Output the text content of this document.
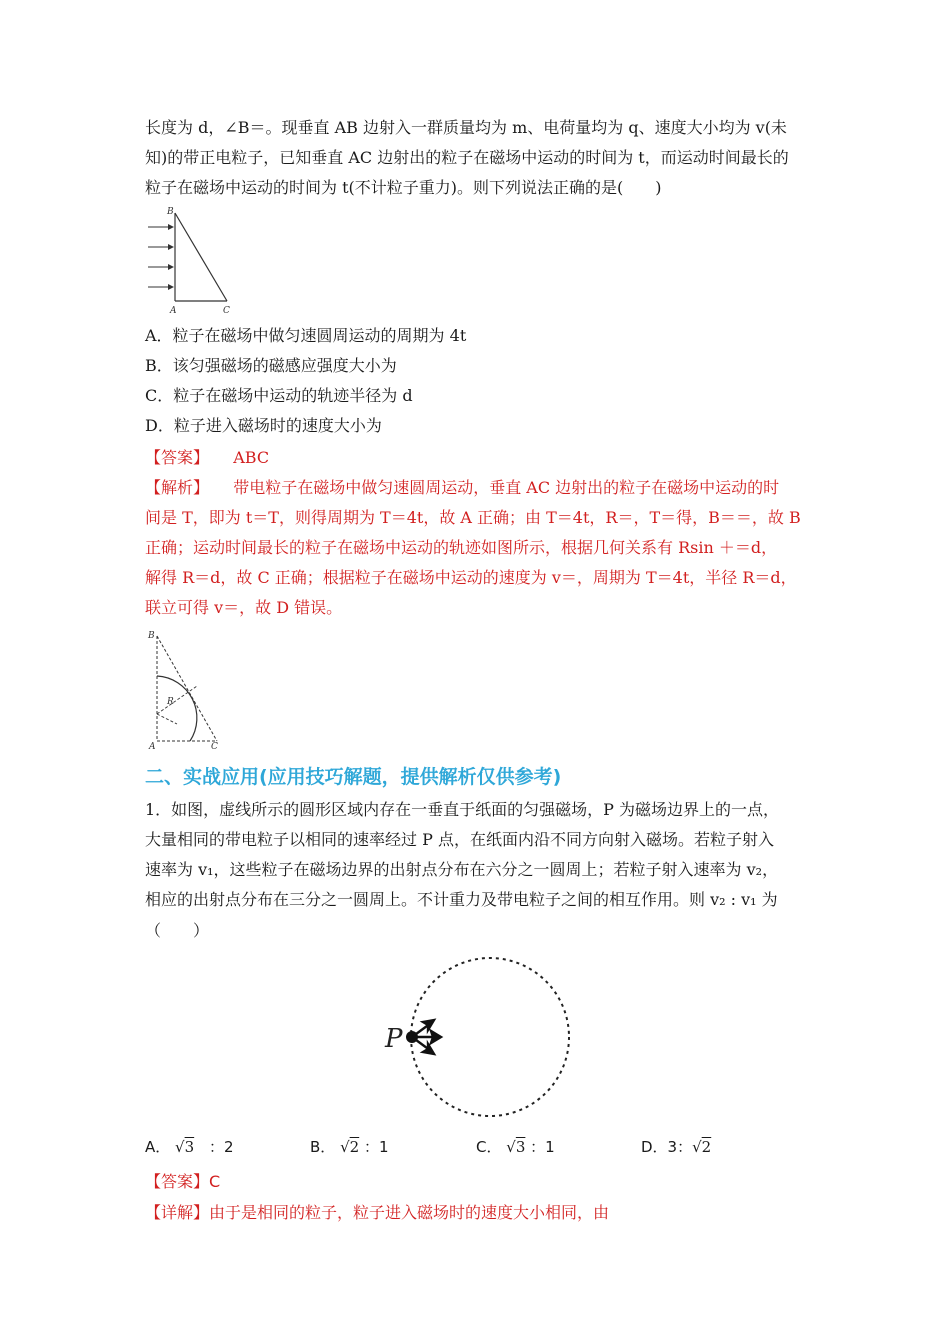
长度为 d，∠B＝。现垂直 AB 边射入一群质量均为 m、电荷量均为 q、速度大小均为 v(未
知)的带正电粒子，已知垂直 AC 边射出的粒子在磁场中运动的时间为 t，而运动时间最长的
粒子在磁场中运动的时间为 t(不计粒子重力)。则下列说法正确的是(　　)
B
A	C
A．粒子在磁场中做匀速圆周运动的周期为 4t
B．该匀强磁场的磁感应强度大小为
C．粒子在磁场中运动的轨迹半径为 d
D．粒子进入磁场时的速度大小为
【答案】 ABC
【解析】 带电粒子在磁场中做匀速圆周运动，垂直 AC 边射出的粒子在磁场中运动的时
间是 T，即为 t＝T，则得周期为 T＝4t，故 A 正确；由 T＝4t，R＝，T＝得，B＝＝，故 B
正确；运动时间最长的粒子在磁场中运动的轨迹如图所示，根据几何关系有 Rsin ＋＝d，
解得 R＝d，故 C 正确；根据粒子在磁场中运动的速度为 v＝，周期为 T＝4t，半径 R＝d，
联立可得 v＝，故 D 错误。
B
R
A	C
二、实战应用(应用技巧解题，提供解析仅供参考)
1．如图，虚线所示的圆形区域内存在一垂直于纸面的匀强磁场，P 为磁场边界上的一点，
大量相同的带电粒子以相同的速率经过 P 点，在纸面内沿不同方向射入磁场。若粒子射入
速率为 v₁，这些粒子在磁场边界的出射点分布在六分之一圆周上；若粒子射入速率为 v₂，
相应的出射点分布在三分之一圆周上。不计重力及带电粒子之间的相互作用。则 v₂ : v₁ 为
（　　）
P
A． √3 ：2	B． √2 ：1	C． √3 ：1	D．3：√2
【答案】C
【详解】由于是相同的粒子，粒子进入磁场时的速度大小相同，由
